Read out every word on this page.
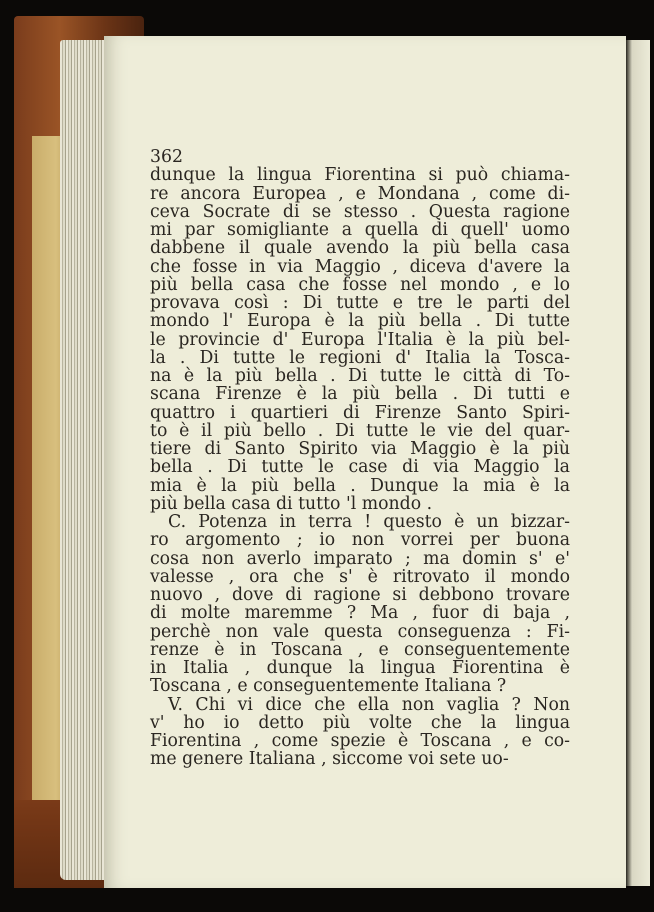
362
dunque la lingua Fiorentina si può chiama-
re ancora Europea , e Mondana , come di-
ceva Socrate di se stesso . Questa ragione
mi par somigliante a quella di quell' uomo
dabbene il quale avendo la più bella casa
che fosse in via Maggio , diceva d'avere la
più bella casa che fosse nel mondo , e lo
provava così : Di tutte e tre le parti del
mondo l' Europa è la più bella . Di tutte
le provincie d' Europa l'Italia è la più bel-
la . Di tutte le regioni d' Italia la Tosca-
na è la più bella . Di tutte le città di To-
scana Firenze è la più bella . Di tutti e
quattro i quartieri di Firenze Santo Spiri-
to è il più bello . Di tutte le vie del quar-
tiere di Santo Spirito via Maggio è la più
bella . Di tutte le case di via Maggio la
mia è la più bella . Dunque la mia è la
più bella casa di tutto 'l mondo .
C. Potenza in terra ! questo è un bizzar-
ro argomento ; io non vorrei per buona
cosa non averlo imparato ; ma domin s' e'
valesse , ora che s' è ritrovato il mondo
nuovo , dove di ragione si debbono trovare
di molte maremme ? Ma , fuor di baja ,
perchè non vale questa conseguenza : Fi-
renze è in Toscana , e conseguentemente
in Italia , dunque la lingua Fiorentina è
Toscana , e conseguentemente Italiana ?
V. Chi vi dice che ella non vaglia ? Non
v' ho io detto più volte che la lingua
Fiorentina , come spezie è Toscana , e co-
me genere Italiana , siccome voi sete uo-
